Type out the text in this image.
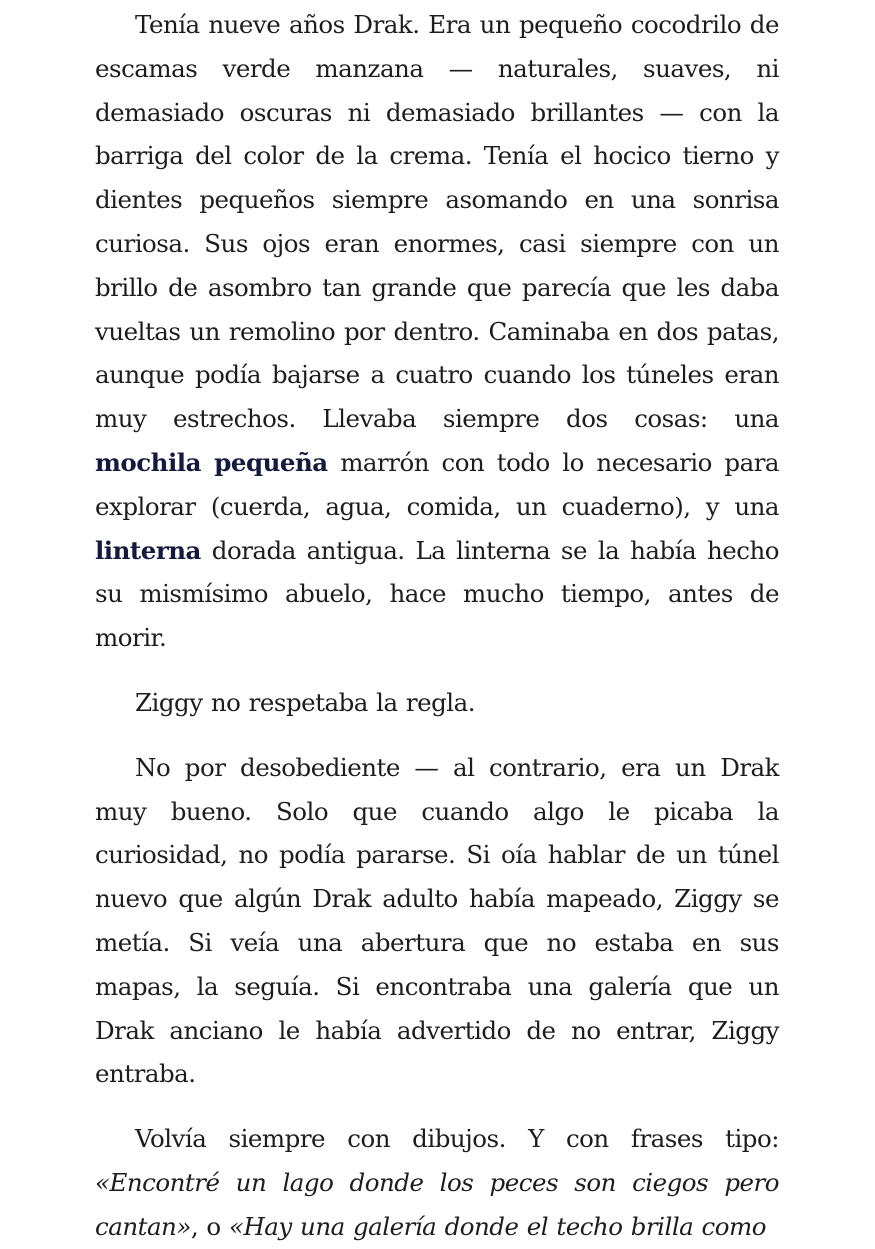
Tenía nueve años Drak. Era un pequeño cocodrilo de escamas verde manzana — naturales, suaves, ni demasiado oscuras ni demasiado brillantes — con la barriga del color de la crema. Tenía el hocico tierno y dientes pequeños siempre asomando en una sonrisa curiosa. Sus ojos eran enormes, casi siempre con un brillo de asombro tan grande que parecía que les daba vueltas un remolino por dentro. Caminaba en dos patas, aunque podía bajarse a cuatro cuando los túneles eran muy estrechos. Llevaba siempre dos cosas: una mochila pequeña marrón con todo lo necesario para explorar (cuerda, agua, comida, un cuaderno), y una linterna dorada antigua. La linterna se la había hecho su mismísimo abuelo, hace mucho tiempo, antes de morir.

Ziggy no respetaba la regla.

No por desobediente — al contrario, era un Drak muy bueno. Solo que cuando algo le picaba la curiosidad, no podía pararse. Si oía hablar de un túnel nuevo que algún Drak adulto había mapeado, Ziggy se metía. Si veía una abertura que no estaba en sus mapas, la seguía. Si encontraba una galería que un Drak anciano le había advertido de no entrar, Ziggy entraba.

Volvía siempre con dibujos. Y con frases tipo: «Encontré un lago donde los peces son ciegos pero cantan», o «Hay una galería donde el techo brilla como
